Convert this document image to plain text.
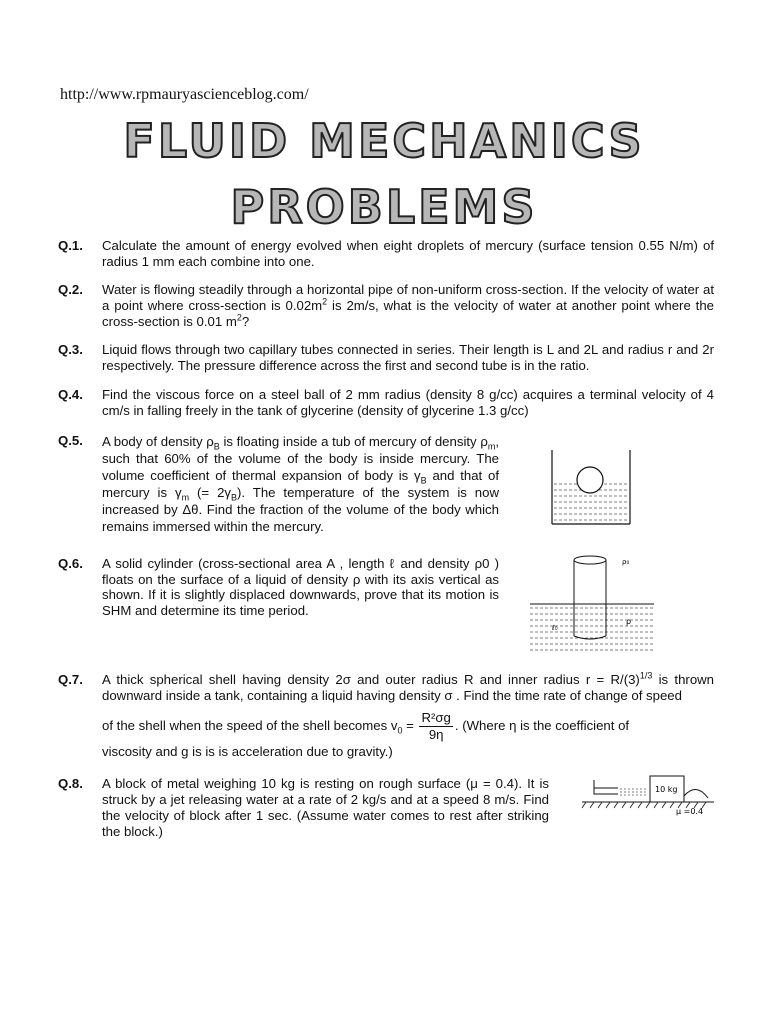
http://www.rpmauryascienceblog.com/
FLUID MECHANICS
PROBLEMS
Q.1. Calculate the amount of energy evolved when eight droplets of mercury (surface tension 0.55 N/m) of radius 1 mm each combine into one.
Q.2. Water is flowing steadily through a horizontal pipe of non-uniform cross-section. If the velocity of water at a point where cross-section is $0.02m^2$ is 2m/s, what is the velocity of water at another point where the cross-section is 0.01 $m^2$?
Q.3. Liquid flows through two capillary tubes connected in series. Their length is L and 2L and radius r and 2r respectively. The pressure difference across the first and second tube is in the ratio.
Q.4. Find the viscous force on a steel ball of 2 mm radius (density 8 g/cc) acquires a terminal velocity of 4 cm/s in falling freely in the tank of glycerine (density of glycerine 1.3 g/cc)
Q.5. A body of density $\rho_B$ is floating inside a tub of mercury of density $\rho_m$, such that 60% of the volume of the body is inside mercury. The volume coefficient of thermal expansion of body is $\gamma_B$ and that of mercury is $\gamma_m$ (= $2\gamma_B$). The temperature of the system is now increased by Δθ. Find the fraction of the volume of the body which remains immersed within the mercury.
Q.6. A solid cylinder (cross-sectional area A , length ℓ and density ρ0 ) floats on the surface of a liquid of density ρ with its axis vertical as shown. If it is slightly displaced downwards, prove that its motion is SHM and determine its time period.
ρ₀
ρ
ℓ₀
Q.7. A thick spherical shell having density 2σ and outer radius R and inner radius $r = R/(3)^{1/3}$ is thrown downward inside a tank, containing a liquid having density σ . Find the time rate of change of speed
of the shell when the speed of the shell becomes $v_0 = \frac{\text{R²σg}}{9\eta}$ . (Where η is the coefficient of
viscosity and g is is is acceleration due to gravity.)
Q.8. A block of metal weighing 10 kg is resting on rough surface (μ = 0.4). It is struck by a jet releasing water at a rate of 2 kg/s and at a speed 8 m/s. Find the velocity of block after 1 sec. (Assume water comes to rest after striking the block.)
10 kg
μ =0.4
